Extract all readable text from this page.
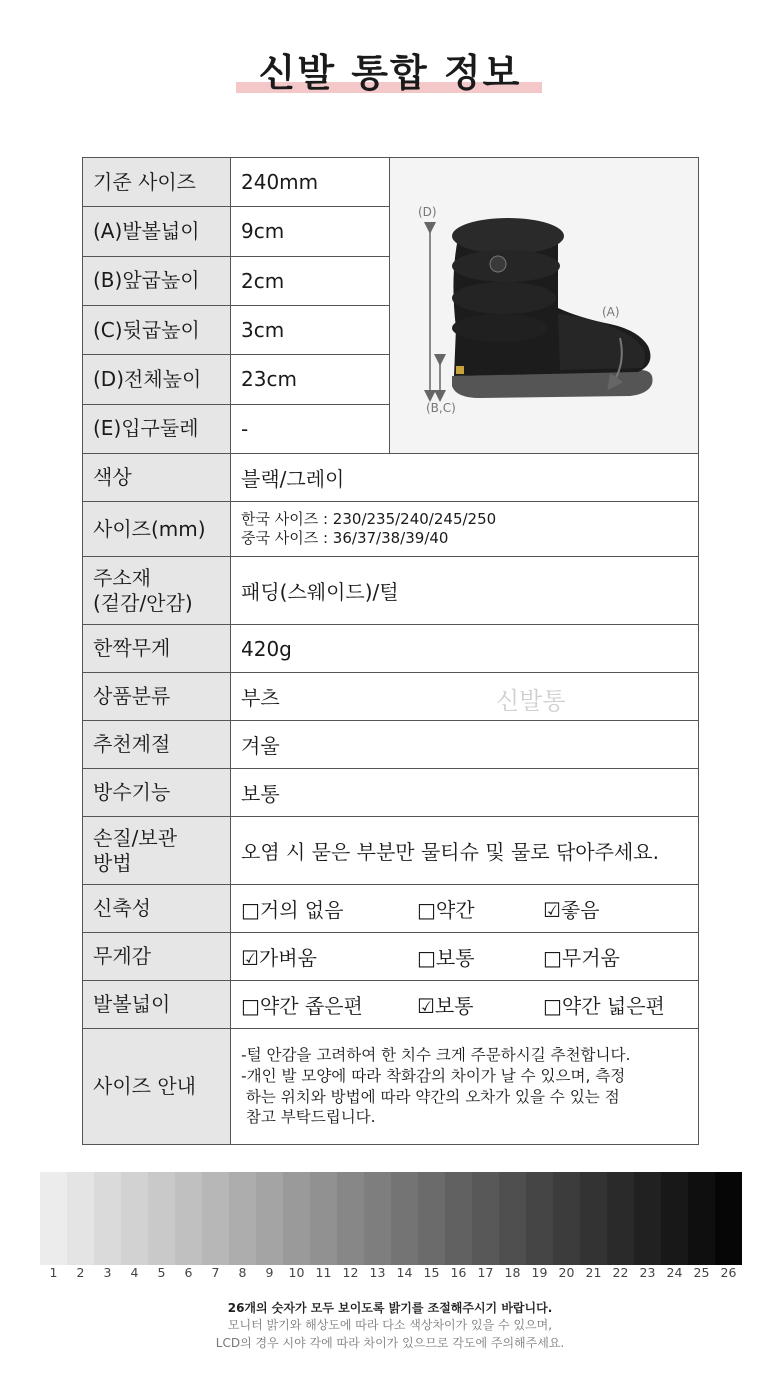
신발 통합 정보
기준 사이즈	240mm	(D)
(A)
(B,C)

(A)발볼넓이	9cm	
(B)앞굽높이	2cm	
(C)뒷굽높이	3cm	
(D)전체높이	23cm	
(E)입구둘레	-	
색상	블랙/그레이	
사이즈(mm)	한국 사이즈 : 230/235/240/245/250
중국 사이즈 : 36/37/38/39/40	

주소재
(겉감/안감)	패딩(스웨이드)/털	
한짝무게	420g	
상품분류	부츠 신발통	

추천계절	겨울	
방수기능	보통	

손질/보관
방법	오염 시 묻은 부분만 물티슈 및 물로 닦아주세요.	
신축성	□거의 없음 □약간 ☑좋음	

무게감	☑가벼움 □보통 □무거움	

발볼넓이	□약간 좁은편 ☑보통 □약간 넓은편	

사이즈 안내	-털 안감을 고려하여 한 치수 크게 주문하시길 추천합니다.
-개인 발 모양에 따라 착화감의 차이가 날 수 있으며, 측정
하는 위치와 방법에 따라 약간의 오차가 있을 수 있는 점
참고 부탁드립니다.	
1	2	3	4	5	6	7	8	9	10 11 12 13 14 15 16 17 18 19 20 21 22 23 24 25 26
26개의 숫자가 모두 보이도록 밝기를 조절해주시기 바랍니다.
모니터 밝기와 해상도에 따라 다소 색상차이가 있을 수 있으며,
LCD의 경우 시야 각에 따라 차이가 있으므로 각도에 주의해주세요.
